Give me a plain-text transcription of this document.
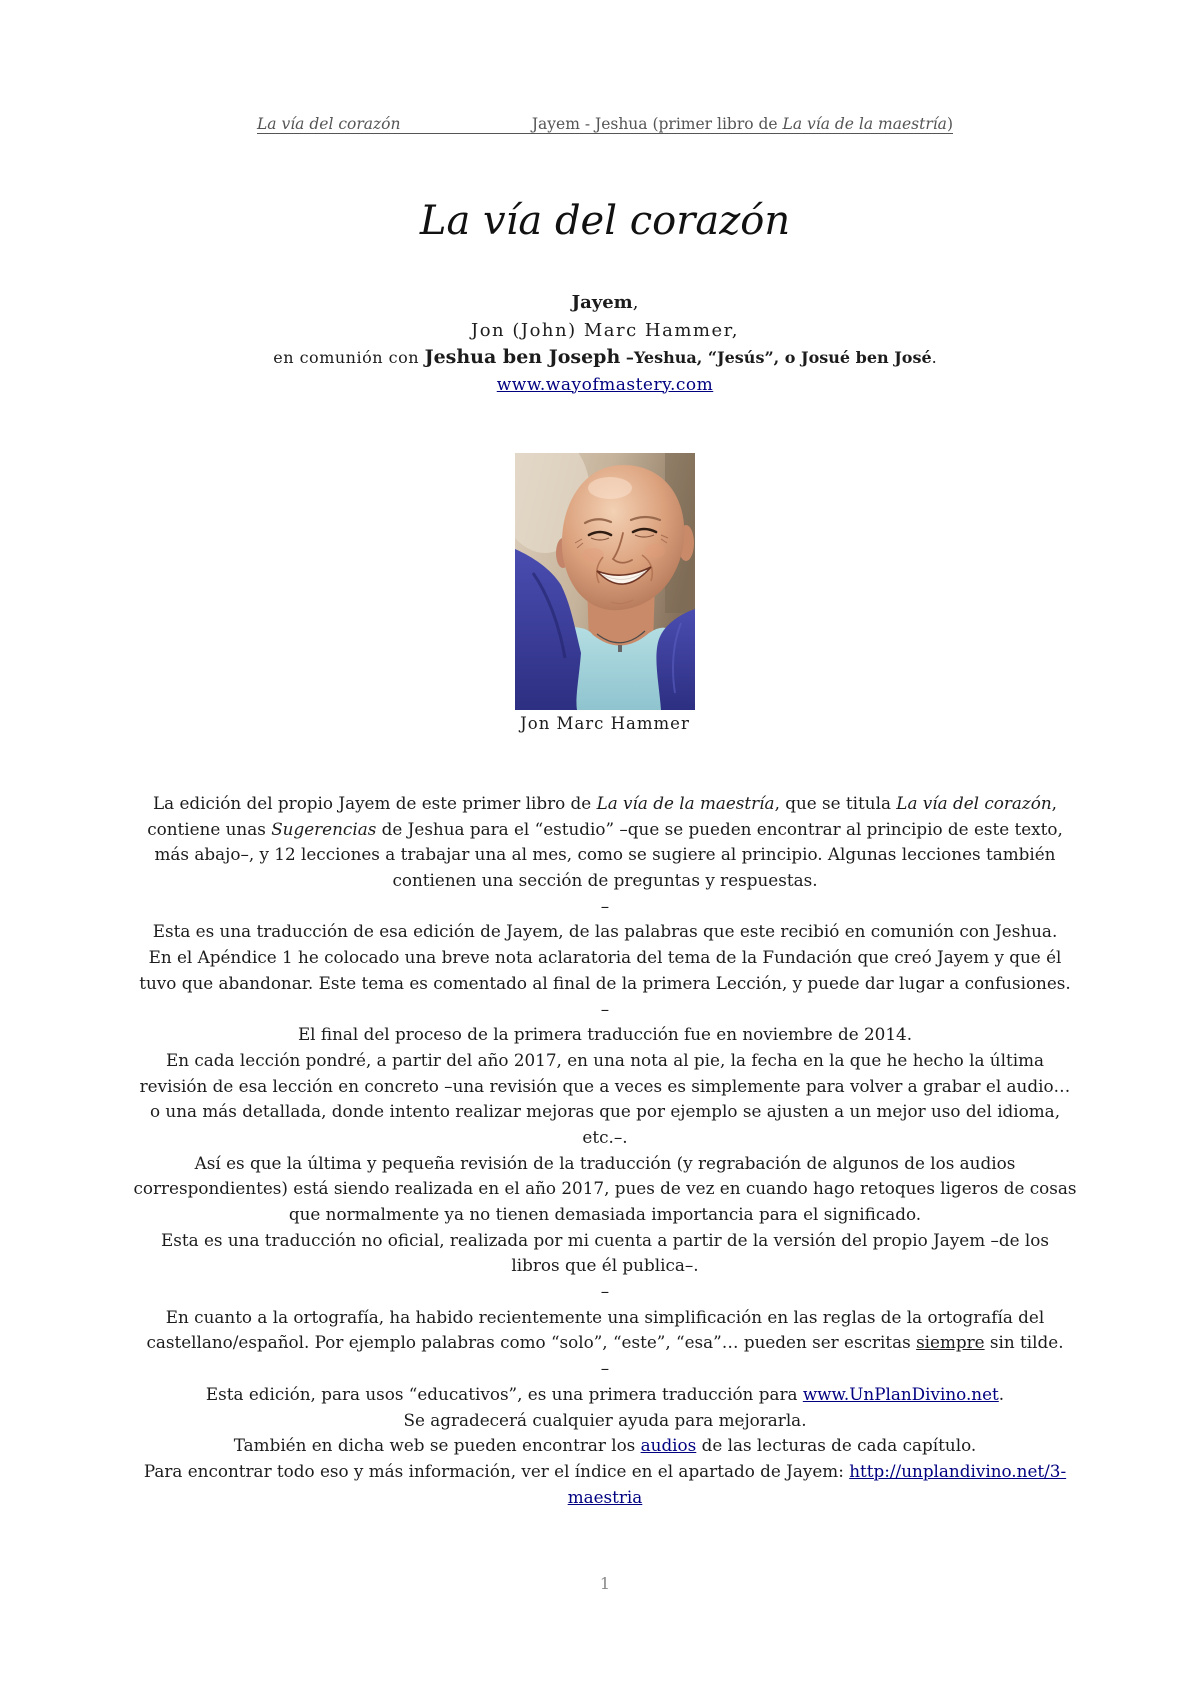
La vía del corazón	Jayem - Jeshua (primer libro de La vía de la maestría)
La vía del corazón
Jayem,
Jon (John) Marc Hammer,
en comunión con Jeshua ben Joseph –Yeshua, “Jesús”, o Josué ben José.
www.wayofmastery.com
Jon Marc Hammer
La edición del propio Jayem de este primer libro de La vía de la maestría, que se titula La vía del corazón,
contiene unas Sugerencias de Jeshua para el “estudio” –que se pueden encontrar al principio de este texto,
más abajo–, y 12 lecciones a trabajar una al mes, como se sugiere al principio. Algunas lecciones también
contienen una sección de preguntas y respuestas.
–
Esta es una traducción de esa edición de Jayem, de las palabras que este recibió en comunión con Jeshua.
En el Apéndice 1 he colocado una breve nota aclaratoria del tema de la Fundación que creó Jayem y que él
tuvo que abandonar. Este tema es comentado al final de la primera Lección, y puede dar lugar a confusiones.
–
El final del proceso de la primera traducción fue en noviembre de 2014.
En cada lección pondré, a partir del año 2017, en una nota al pie, la fecha en la que he hecho la última
revisión de esa lección en concreto –una revisión que a veces es simplemente para volver a grabar el audio…
o una más detallada, donde intento realizar mejoras que por ejemplo se ajusten a un mejor uso del idioma,
etc.–.
Así es que la última y pequeña revisión de la traducción (y regrabación de algunos de los audios
correspondientes) está siendo realizada en el año 2017, pues de vez en cuando hago retoques ligeros de cosas
que normalmente ya no tienen demasiada importancia para el significado.
Esta es una traducción no oficial, realizada por mi cuenta a partir de la versión del propio Jayem –de los
libros que él publica–.
–
En cuanto a la ortografía, ha habido recientemente una simplificación en las reglas de la ortografía del
castellano/español. Por ejemplo palabras como “solo”, “este”, “esa”… pueden ser escritas siempre sin tilde.
–
Esta edición, para usos “educativos”, es una primera traducción para www.UnPlanDivino.net.
Se agradecerá cualquier ayuda para mejorarla.
También en dicha web se pueden encontrar los audios de las lecturas de cada capítulo.
Para encontrar todo eso y más información, ver el índice en el apartado de Jayem: http://unplandivino.net/3-
maestria
1
